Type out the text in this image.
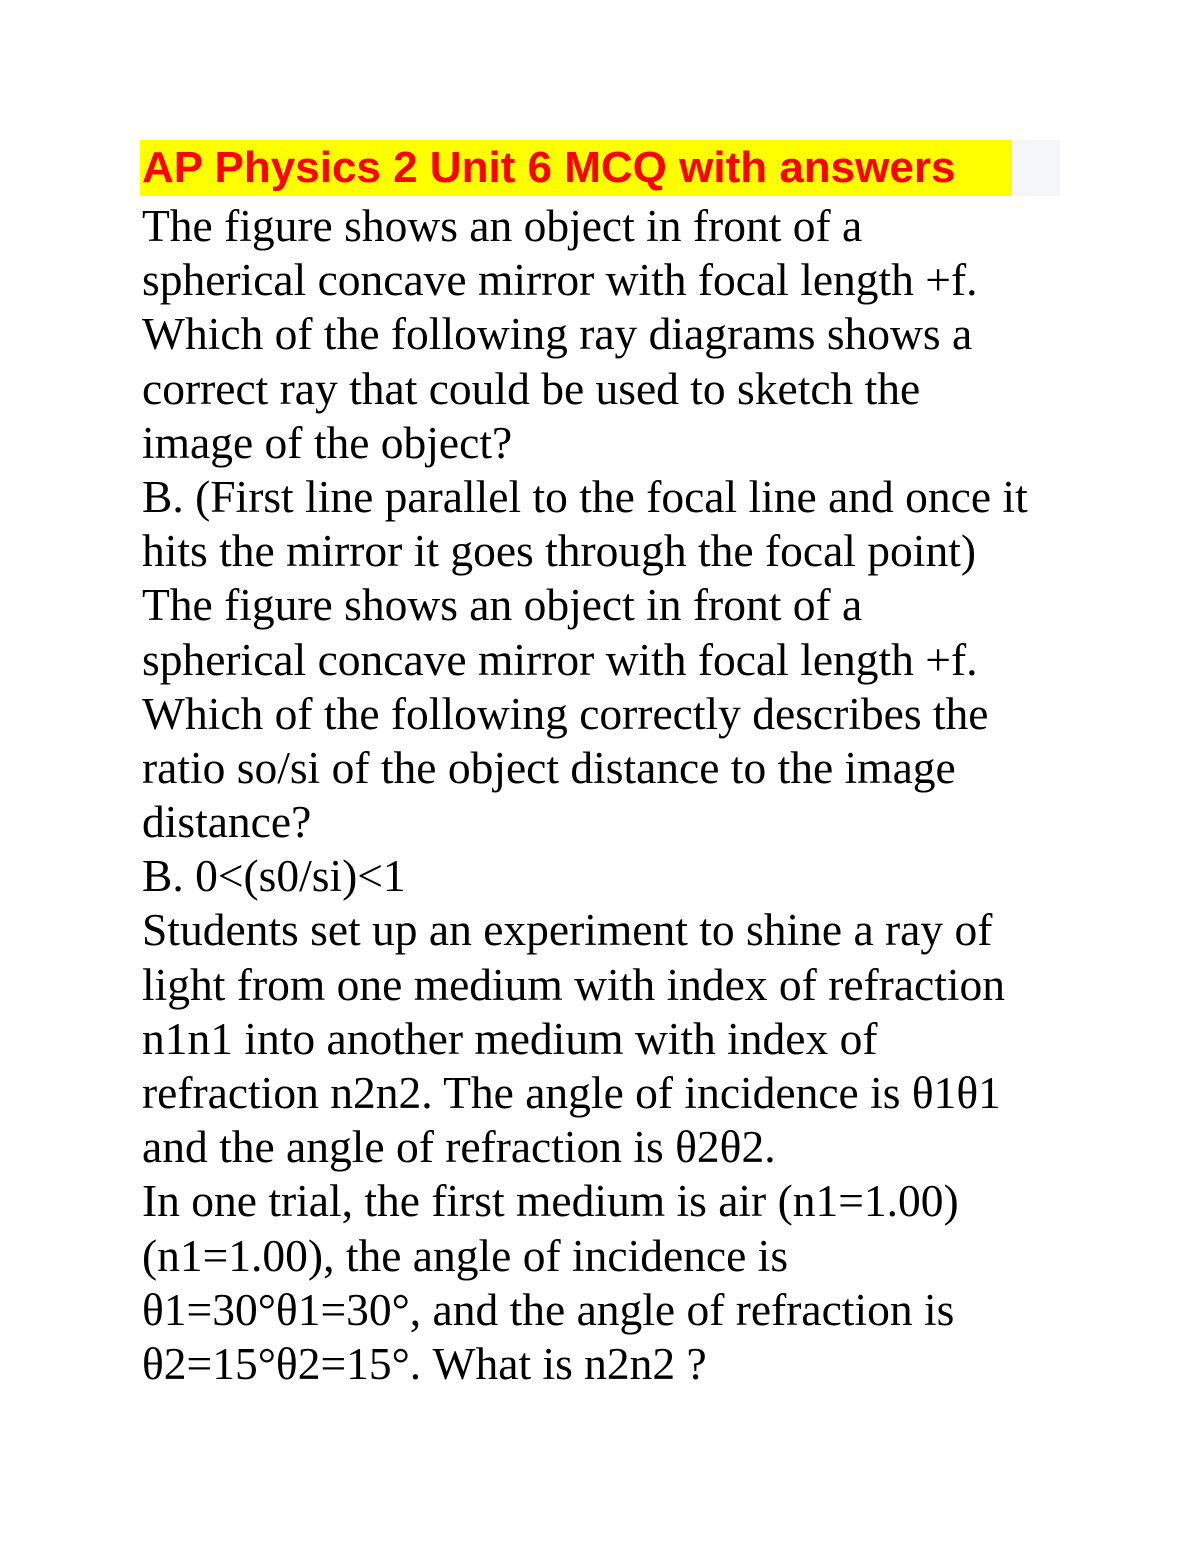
AP Physics 2 Unit 6 MCQ with answers
The figure shows an object in front of a
spherical concave mirror with focal length +f.
Which of the following ray diagrams shows a
correct ray that could be used to sketch the
image of the object?
B. (First line parallel to the focal line and once it
hits the mirror it goes through the focal point)
The figure shows an object in front of a
spherical concave mirror with focal length +f.
Which of the following correctly describes the
ratio so/si of the object distance to the image
distance?
B. 0<(s0/si)<1
Students set up an experiment to shine a ray of
light from one medium with index of refraction
n1n1 into another medium with index of
refraction n2n2. The angle of incidence is θ1θ1
and the angle of refraction is θ2θ2.
In one trial, the first medium is air (n1=1.00)
(n1=1.00), the angle of incidence is
θ1=30°θ1=30°, and the angle of refraction is
θ2=15°θ2=15°. What is n2n2 ?
